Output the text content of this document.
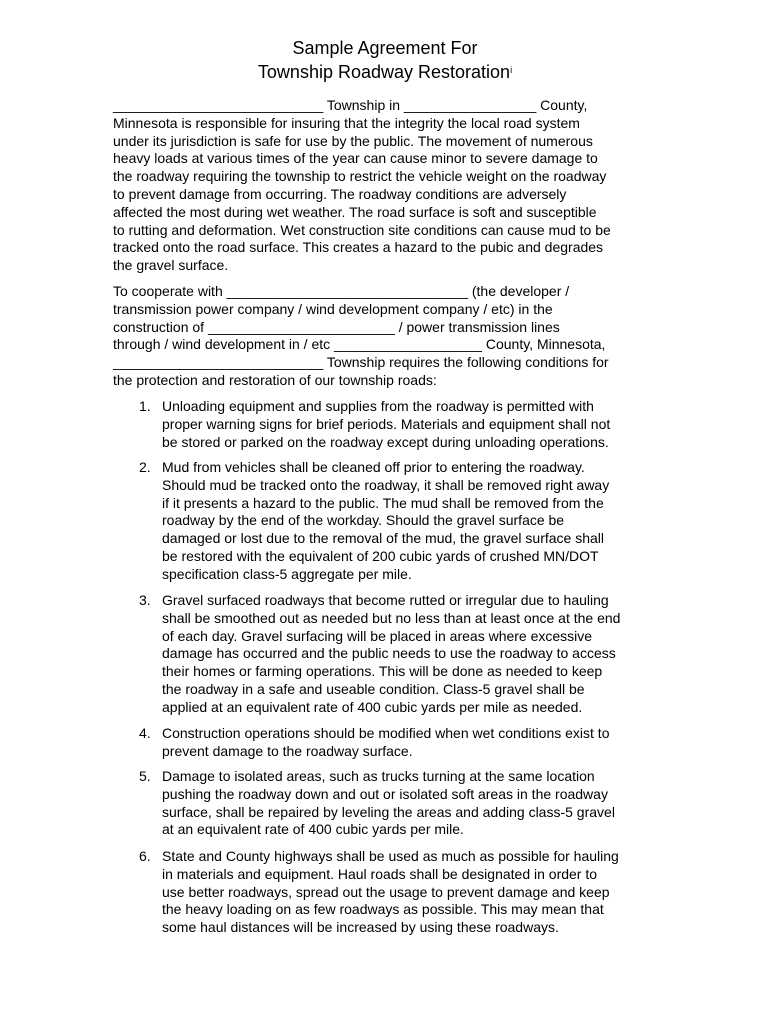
Sample Agreement For
Township Roadway Restoration$^i$

___________________________ Township in _________________ County,
Minnesota is responsible for insuring that the integrity the local road system
under its jurisdiction is safe for use by the public. The movement of numerous
heavy loads at various times of the year can cause minor to severe damage to
the roadway requiring the township to restrict the vehicle weight on the roadway
to prevent damage from occurring. The roadway conditions are adversely
affected the most during wet weather. The road surface is soft and susceptible
to rutting and deformation. Wet construction site conditions can cause mud to be
tracked onto the road surface. This creates a hazard to the pubic and degrades
the gravel surface.

To cooperate with _______________________________ (the developer /
transmission power company / wind development company / etc) in the
construction of ________________________ / power transmission lines
through / wind development in / etc ___________________ County, Minnesota,
___________________________ Township requires the following conditions for
the protection and restoration of our township roads:

1. Unloading equipment and supplies from the roadway is permitted with
proper warning signs for brief periods. Materials and equipment shall not
be stored or parked on the roadway except during unloading operations.
2. Mud from vehicles shall be cleaned off prior to entering the roadway.
Should mud be tracked onto the roadway, it shall be removed right away
if it presents a hazard to the public. The mud shall be removed from the
roadway by the end of the workday. Should the gravel surface be
damaged or lost due to the removal of the mud, the gravel surface shall
be restored with the equivalent of 200 cubic yards of crushed MN/DOT
specification class-5 aggregate per mile.
3. Gravel surfaced roadways that become rutted or irregular due to hauling
shall be smoothed out as needed but no less than at least once at the end
of each day. Gravel surfacing will be placed in areas where excessive
damage has occurred and the public needs to use the roadway to access
their homes or farming operations. This will be done as needed to keep
the roadway in a safe and useable condition. Class-5 gravel shall be
applied at an equivalent rate of 400 cubic yards per mile as needed.
4. Construction operations should be modified when wet conditions exist to
prevent damage to the roadway surface.
5. Damage to isolated areas, such as trucks turning at the same location
pushing the roadway down and out or isolated soft areas in the roadway
surface, shall be repaired by leveling the areas and adding class-5 gravel
at an equivalent rate of 400 cubic yards per mile.
6. State and County highways shall be used as much as possible for hauling
in materials and equipment. Haul roads shall be designated in order to
use better roadways, spread out the usage to prevent damage and keep
the heavy loading on as few roadways as possible. This may mean that
some haul distances will be increased by using these roadways.
